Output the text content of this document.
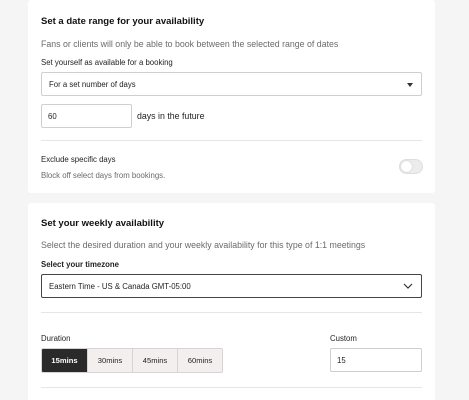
Set a date range for your availability
Fans or clients will only be able to book between the selected range of dates
Set yourself as available for a booking
For a set number of days
60	days in the future
Exclude specific days
Block off select days from bookings.
Set your weekly availability
Select the desired duration and your weekly availability for this type of 1:1 meetings
Select your timezone
Eastern Time - US & Canada GMT-05:00
Duration
15mins	30mins	45mins	60mins
Custom
15
